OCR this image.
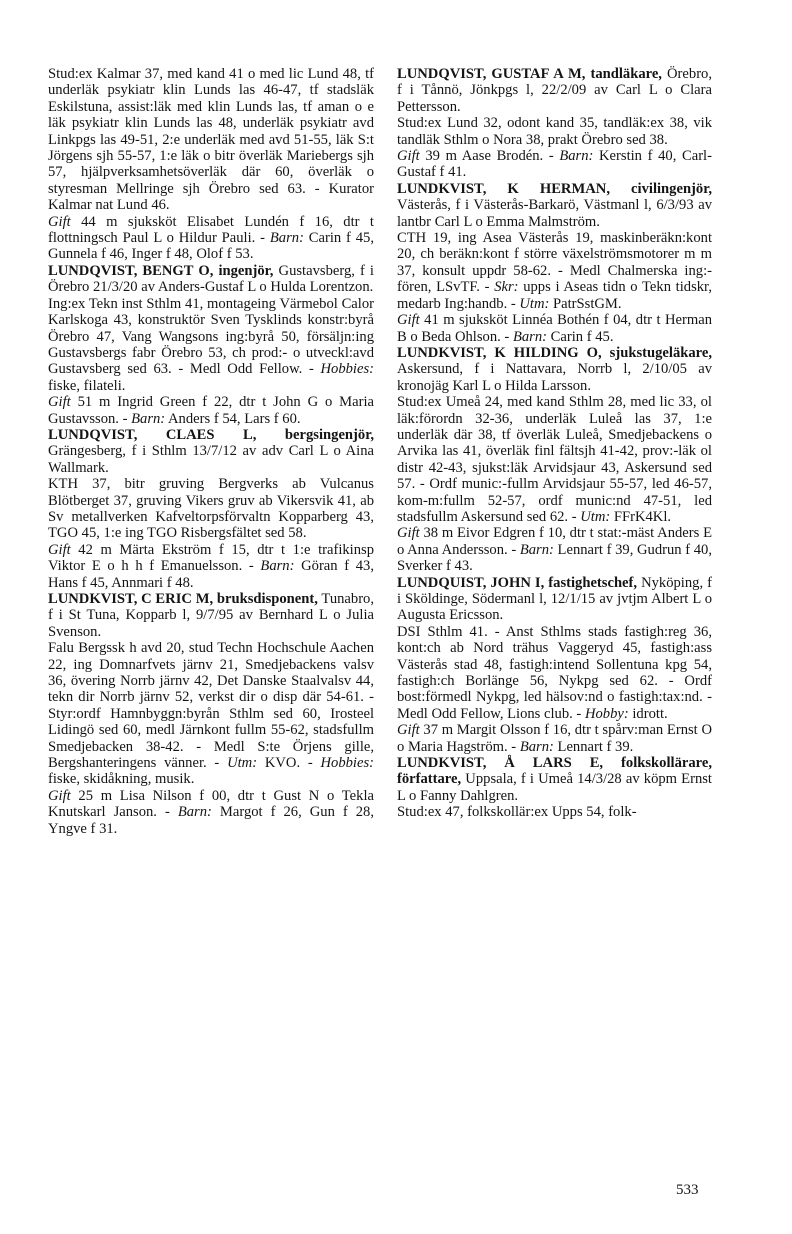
Stud:ex Kalmar 37, med kand 41 o med lic Lund 48, tf underläk psykiatr klin Lunds las 46-47, tf stadsläk Eskilstuna, assist:läk med klin Lunds las, tf aman o e läk psykiatr klin Lunds las 48, underläk psykiatr avd Linkpgs las 49-51, 2:e underläk med avd 51-55, läk S:t Jörgens sjh 55-57, 1:e läk o bitr överläk Mariebergs sjh 57, hjälpverksamhetsöverläk där 60, överläk o styresman Mellringe sjh Örebro sed 63. - Kurator Kalmar nat Lund 46.

Gift 44 m sjuksköt Elisabet Lundén f 16, dtr t flottningsch Paul L o Hildur Pauli. - Barn: Carin f 45, Gunnela f 46, Inger f 48, Olof f 53.

LUNDQVIST, BENGT O, ingenjör, Gustavsberg, f i Örebro 21/3/20 av Anders-Gustaf L o Hulda Lorentzon.

Ing:ex Tekn inst Sthlm 41, montageing Värmebol Calor Karlskoga 43, konstruktör Sven Tysklinds konstr:byrå Örebro 47, Vang Wangsons ing:byrå 50, försäljn:ing Gustavsbergs fabr Örebro 53, ch prod:- o utveckl:avd Gustavsberg sed 63. - Medl Odd Fellow. - Hobbies: fiske, filateli.

Gift 51 m Ingrid Green f 22, dtr t John G o Maria Gustavsson. - Barn: Anders f 54, Lars f 60.

LUNDQVIST, CLAES L, bergsingenjör, Grängesberg, f i Sthlm 13/7/12 av adv Carl L o Aina Wallmark.

KTH 37, bitr gruving Bergverks ab Vulcanus Blötberget 37, gruving Vikers gruv ab Vikersvik 41, ab Sv metallverken Kafveltorpsförvaltn Kopparberg 43, TGO 45, 1:e ing TGO Risbergsfältet sed 58.

Gift 42 m Märta Ekström f 15, dtr t 1:e trafikinsp Viktor E o h h f Emanuelsson. - Barn: Göran f 43, Hans f 45, Annmari f 48.

LUNDKVIST, C ERIC M, bruksdisponent, Tunabro, f i St Tuna, Kopparb l, 9/7/95 av Bernhard L o Julia Svenson.

Falu Bergssk h avd 20, stud Techn Hochschule Aachen 22, ing Domnarfvets järnv 21, Smedjebackens valsv 36, övering Norrb järnv 42, Det Danske Staalvalsv 44, tekn dir Norrb järnv 52, verkst dir o disp där 54-61. - Styr:ordf Hamnbyggn:byrån Sthlm sed 60, Irosteel Lidingö sed 60, medl Järnkont fullm 55-62, stadsfullm Smedjebacken 38-42. - Medl S:te Örjens gille, Bergshanteringens vänner. - Utm: KVO. - Hobbies: fiske, skidåkning, musik.

Gift 25 m Lisa Nilson f 00, dtr t Gust N o Tekla Knutskarl Janson. - Barn: Margot f 26, Gun f 28, Yngve f 31.

LUNDQVIST, GUSTAF A M, tandläkare, Örebro, f i Tånnö, Jönkpgs l, 22/2/09 av Carl L o Clara Pettersson.

Stud:ex Lund 32, odont kand 35, tandläk:ex 38, vik tandläk Sthlm o Nora 38, prakt Örebro sed 38.

Gift 39 m Aase Brodén. - Barn: Kerstin f 40, Carl-Gustaf f 41.

LUNDKVIST, K HERMAN, civilingenjör, Västerås, f i Västerås-Barkarö, Västmanl l, 6/3/93 av lantbr Carl L o Emma Malmström.

CTH 19, ing Asea Västerås 19, maskinberäkn:kont 20, ch beräkn:kont f större växelströmsmotorer m m 37, konsult uppdr 58-62. - Medl Chalmerska ing:-fören, LSvTF. - Skr: upps i Aseas tidn o Tekn tidskr, medarb Ing:handb. - Utm: PatrSstGM.

Gift 41 m sjuksköt Linnéa Bothén f 04, dtr t Herman B o Beda Ohlson. - Barn: Carin f 45.

LUNDKVIST, K HILDING O, sjukstugeläkare, Askersund, f i Nattavara, Norrb l, 2/10/05 av kronojäg Karl L o Hilda Larsson.

Stud:ex Umeå 24, med kand Sthlm 28, med lic 33, ol läk:förordn 32-36, underläk Luleå las 37, 1:e underläk där 38, tf överläk Luleå, Smedjebackens o Arvika las 41, överläk finl fältsjh 41-42, prov:-läk ol distr 42-43, sjukst:läk Arvidsjaur 43, Askersund sed 57. - Ordf munic:-fullm Arvidsjaur 55-57, led 46-57, kom-m:fullm 52-57, ordf munic:nd 47-51, led stadsfullm Askersund sed 62. - Utm: FFrK4Kl.

Gift 38 m Eivor Edgren f 10, dtr t stat:-mäst Anders E o Anna Andersson. - Barn: Lennart f 39, Gudrun f 40, Sverker f 43.

LUNDQUIST, JOHN I, fastighetschef, Nyköping, f i Sköldinge, Södermanl l, 12/1/15 av jvtjm Albert L o Augusta Ericsson.

DSI Sthlm 41. - Anst Sthlms stads fastigh:reg 36, kont:ch ab Nord trähus Vaggeryd 45, fastigh:ass Västerås stad 48, fastigh:intend Sollentuna kpg 54, fastigh:ch Borlänge 56, Nykpg sed 62. - Ordf bost:förmedl Nykpg, led hälsov:nd o fastigh:tax:nd. - Medl Odd Fellow, Lions club. - Hobby: idrott.

Gift 37 m Margit Olsson f 16, dtr t spårv:man Ernst O o Maria Hagström. - Barn: Lennart f 39.

LUNDKVIST, Å LARS E, folkskollärare, författare, Uppsala, f i Umeå 14/3/28 av köpm Ernst L o Fanny Dahlgren.

Stud:ex 47, folkskollär:ex Upps 54, folk-

533
